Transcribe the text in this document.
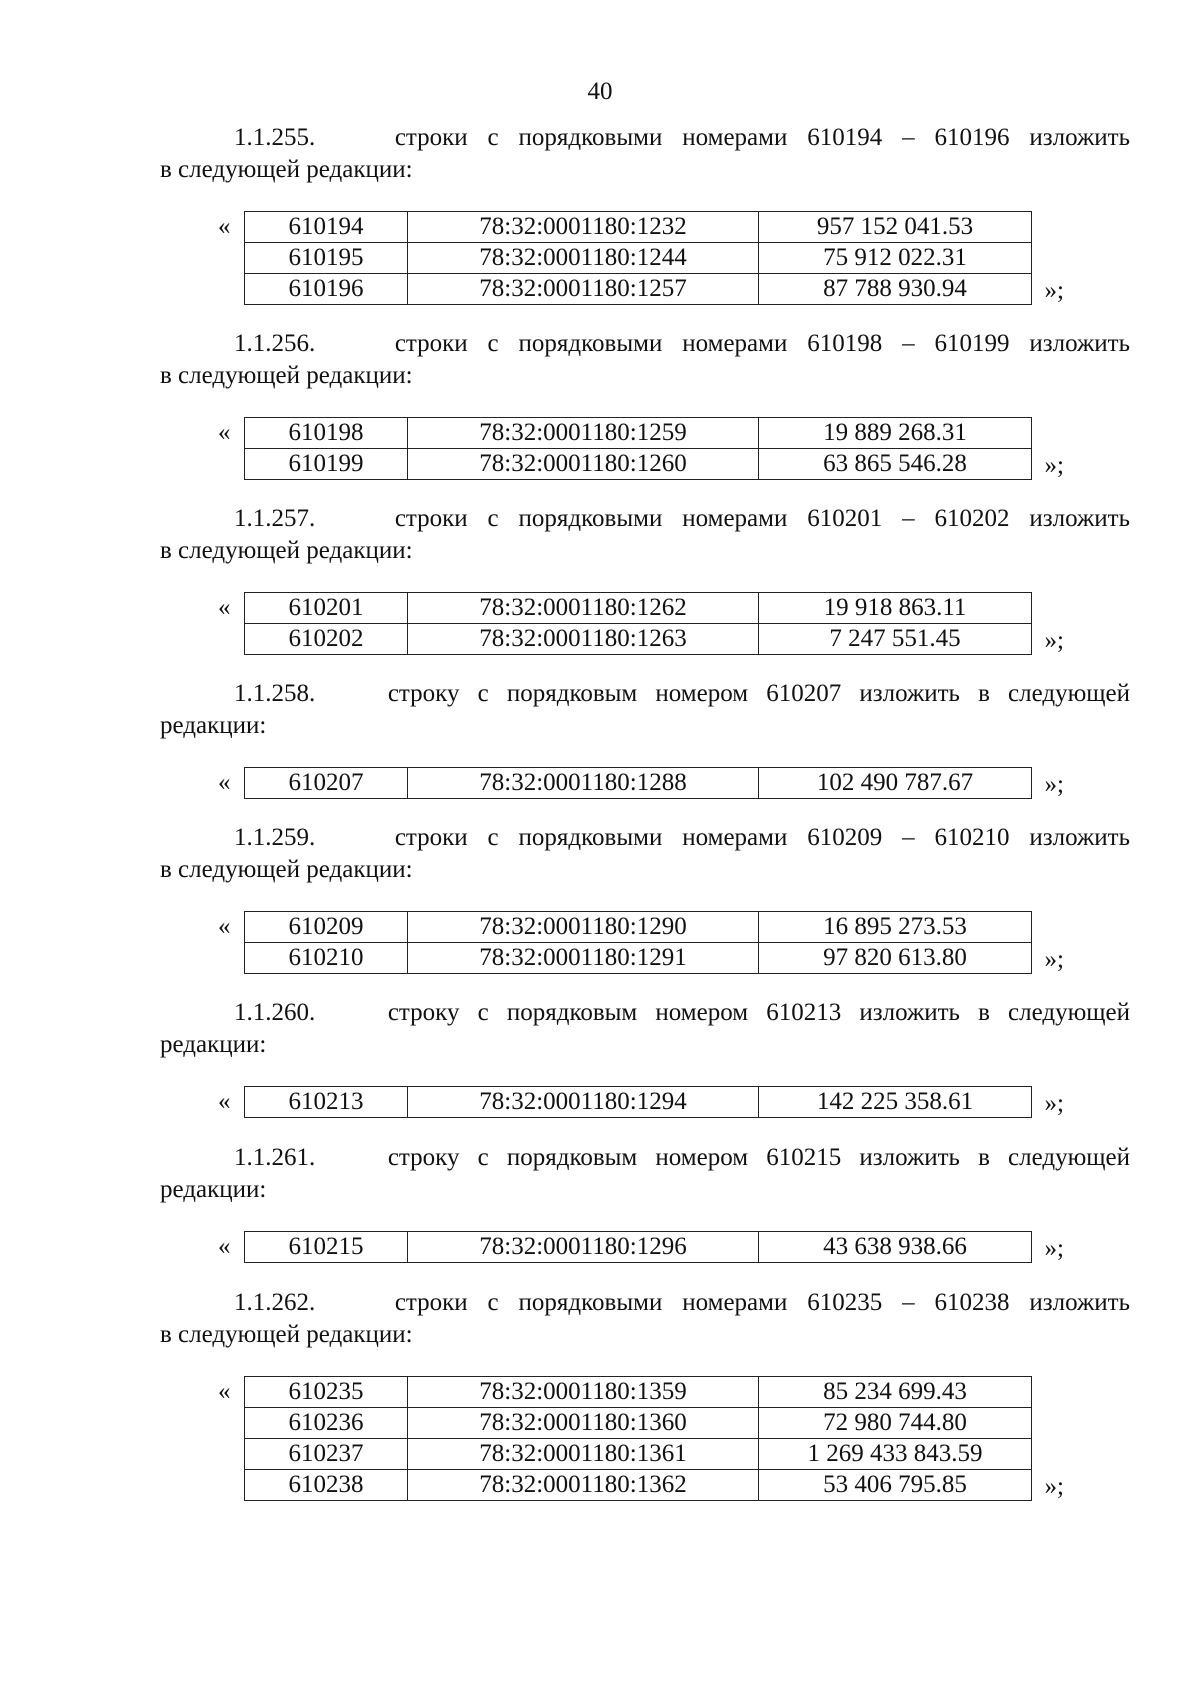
40

1.1.255.    строки с порядковыми номерами 610194 – 610196 изложить
в следующей редакции:

« 610194	78:32:0001180:1232	957 152 041.53
610195	78:32:0001180:1244	75 912 022.31
610196	78:32:0001180:1257	87 788 930.94	»;

1.1.256.    строки с порядковыми номерами 610198 – 610199 изложить
в следующей редакции:

« 610198	78:32:0001180:1259	19 889 268.31
610199	78:32:0001180:1260	63 865 546.28	»;

1.1.257.    строки с порядковыми номерами 610201 – 610202 изложить
в следующей редакции:

« 610201	78:32:0001180:1262	19 918 863.11
610202	78:32:0001180:1263	7 247 551.45	»;

1.1.258.    строку с порядковым номером 610207 изложить в следующей
редакции:

« 610207	78:32:0001180:1288	102 490 787.67	»;

1.1.259.    строки с порядковыми номерами 610209 – 610210 изложить
в следующей редакции:

« 610209	78:32:0001180:1290	16 895 273.53
610210	78:32:0001180:1291	97 820 613.80	»;

1.1.260.    строку с порядковым номером 610213 изложить в следующей
редакции:

« 610213	78:32:0001180:1294	142 225 358.61	»;

1.1.261.    строку с порядковым номером 610215 изложить в следующей
редакции:

« 610215	78:32:0001180:1296	43 638 938.66	»;

1.1.262.    строки с порядковыми номерами 610235 – 610238 изложить
в следующей редакции:

« 610235	78:32:0001180:1359	85 234 699.43
610236	78:32:0001180:1360	72 980 744.80
610237	78:32:0001180:1361	1 269 433 843.59
610238	78:32:0001180:1362	53 406 795.85	»;
